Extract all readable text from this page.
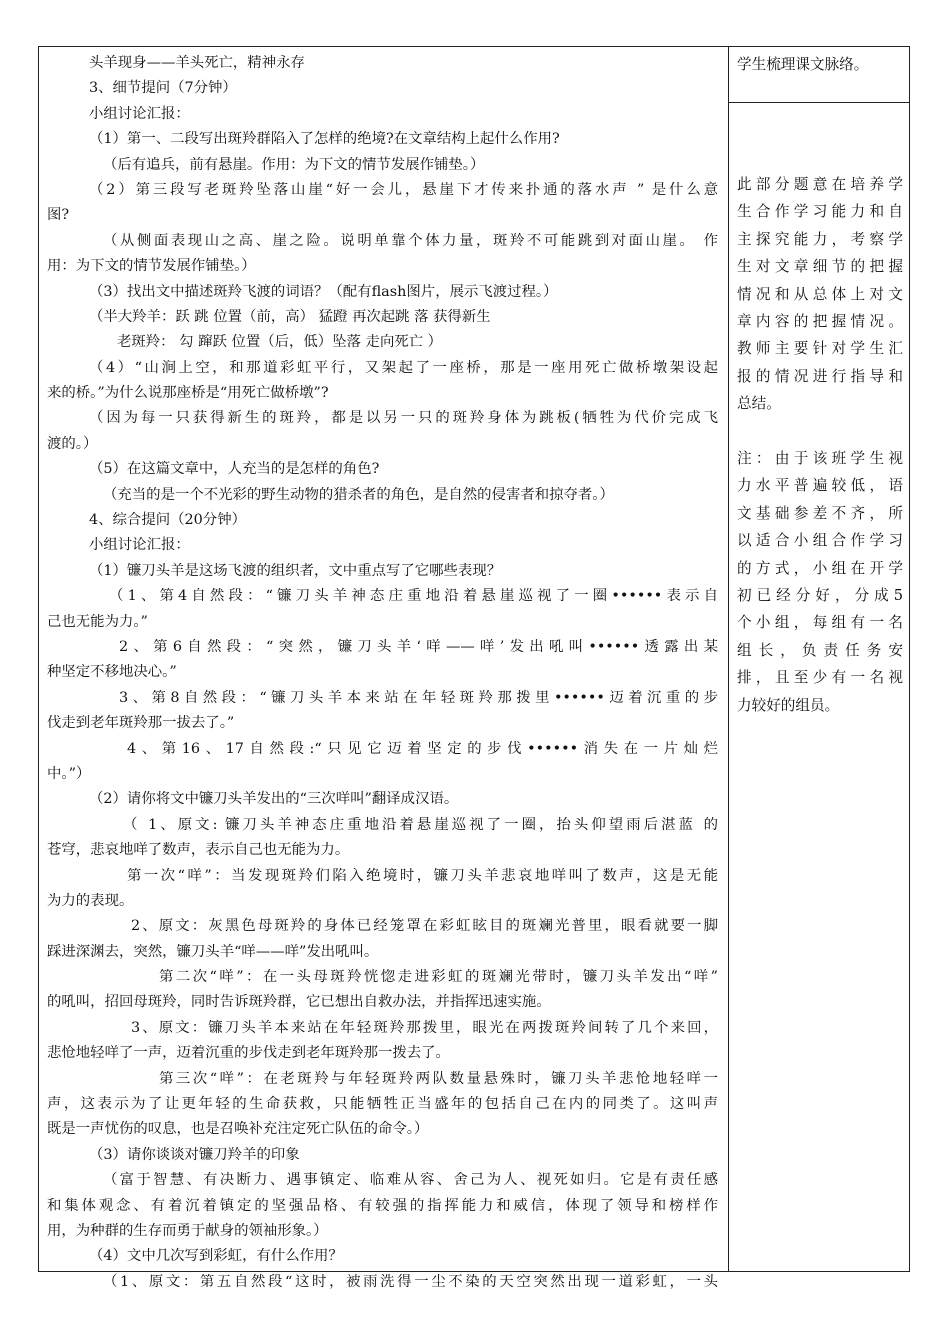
头羊现身——羊头死亡，精神永存
3、细节提问（7分钟）
小组讨论汇报：
（1）第一、二段写出斑羚群陷入了怎样的绝境?在文章结构上起什么作用?
（后有追兵，前有悬崖。作用：为下文的情节发展作铺垫。）
（2）第三段写老斑羚坠落山崖“好一会儿，悬崖下才传来扑通的落水声 ” 是什么意
图?
（从侧面表现山之高、崖之险。说明单靠个体力量，斑羚不可能跳到对面山崖。 作
用：为下文的情节发展作铺垫。）
（3）找出文中描述斑羚飞渡的词语？（配有flash图片，展示飞渡过程。）
（半大羚羊：跃 跳 位置（前，高） 猛蹬 再次起跳 落 获得新生
老斑羚： 勾 蹿跃 位置（后，低）坠落 走向死亡 ）
（4）“山涧上空，和那道彩虹平行，又架起了一座桥，那是一座用死亡做桥墩架设起
来的桥。”为什么说那座桥是“用死亡做桥墩”?
（因为每一只获得新生的斑羚，都是以另一只的斑羚身体为跳板(牺牲为代价完成飞
渡的。）
（5）在这篇文章中，人充当的是怎样的角色?
（充当的是一个不光彩的野生动物的猎杀者的角色，是自然的侵害者和掠夺者。）
4、综合提问（20分钟）
小组讨论汇报：
（1）镰刀头羊是这场飞渡的组织者，文中重点写了它哪些表现？
（1、第4自然段：“镰刀头羊神态庄重地沿着悬崖巡视了一圈••••••表示自
己也无能为力。”
2、第6自然段：“突然，镰刀头羊‘咩——咩’发出吼叫••••••透露出某
种坚定不移地决心。”
3、第8自然段：“镰刀头羊本来站在年轻斑羚那拨里••••••迈着沉重的步
伐走到老年斑羚那一拔去了。”
4、第16、17自然段:“只见它迈着坚定的步伐••••••消失在一片灿烂
中。”）
（2）请你将文中镰刀头羊发出的“三次咩叫”翻译成汉语。
（ 1、原文: 镰刀头羊神态庄重地沿着悬崖巡视了一圈，抬头仰望雨后湛蓝 的
苍穹，悲哀地咩了数声，表示自己也无能为力。
第一次“咩”：当发现斑羚们陷入绝境时，镰刀头羊悲哀地咩叫了数声，这是无能
为力的表现。
2、原文：灰黑色母斑羚的身体已经笼罩在彩虹眩目的斑斓光普里，眼看就要一脚
踩进深渊去，突然，镰刀头羊“咩——咩”发出吼叫。
第二次“咩”：在一头母斑羚恍惚走进彩虹的斑斓光带时，镰刀头羊发出“咩”
的吼叫，招回母斑羚，同时告诉斑羚群，它已想出自救办法，并指挥迅速实施。
3、原文：镰刀头羊本来站在年轻斑羚那拨里，眼光在两拨斑羚间转了几个来回，
悲怆地轻咩了一声，迈着沉重的步伐走到老年斑羚那一拨去了。
第三次“咩”：在老斑羚与年轻斑羚两队数量悬殊时，镰刀头羊悲怆地轻咩一
声，这表示为了让更年轻的生命获救，只能牺牲正当盛年的包括自己在内的同类了。这叫声
既是一声忧伤的叹息，也是召唤补充注定死亡队伍的命令。）
（3）请你谈谈对镰刀羚羊的印象
（富于智慧、有决断力、遇事镇定、临难从容、舍己为人、视死如归。它是有责任感
和集体观念、有着沉着镇定的坚强品格、有较强的指挥能力和威信，体现了领导和榜样作
用，为种群的生存而勇于献身的领袖形象。）
（4）文中几次写到彩虹，有什么作用？
（1、原文：第五自然段“这时，被雨洗得一尘不染的天空突然出现一道彩虹，一头
学生梳理课文脉络。
此部分题意在培养学
生合作学习能力和自
主探究能力，考察学
生对文章细节的把握
情况和从总体上对文
章内容的把握情况。
教师主要针对学生汇
报的情况进行指导和
总结。
注：由于该班学生视
力水平普遍较低，语
文基础参差不齐，所
以适合小组合作学习
的方式，小组在开学
初已经分好，分成5
个小组，每组有一名
组长，负责任务安
排，且至少有一名视
力较好的组员。
